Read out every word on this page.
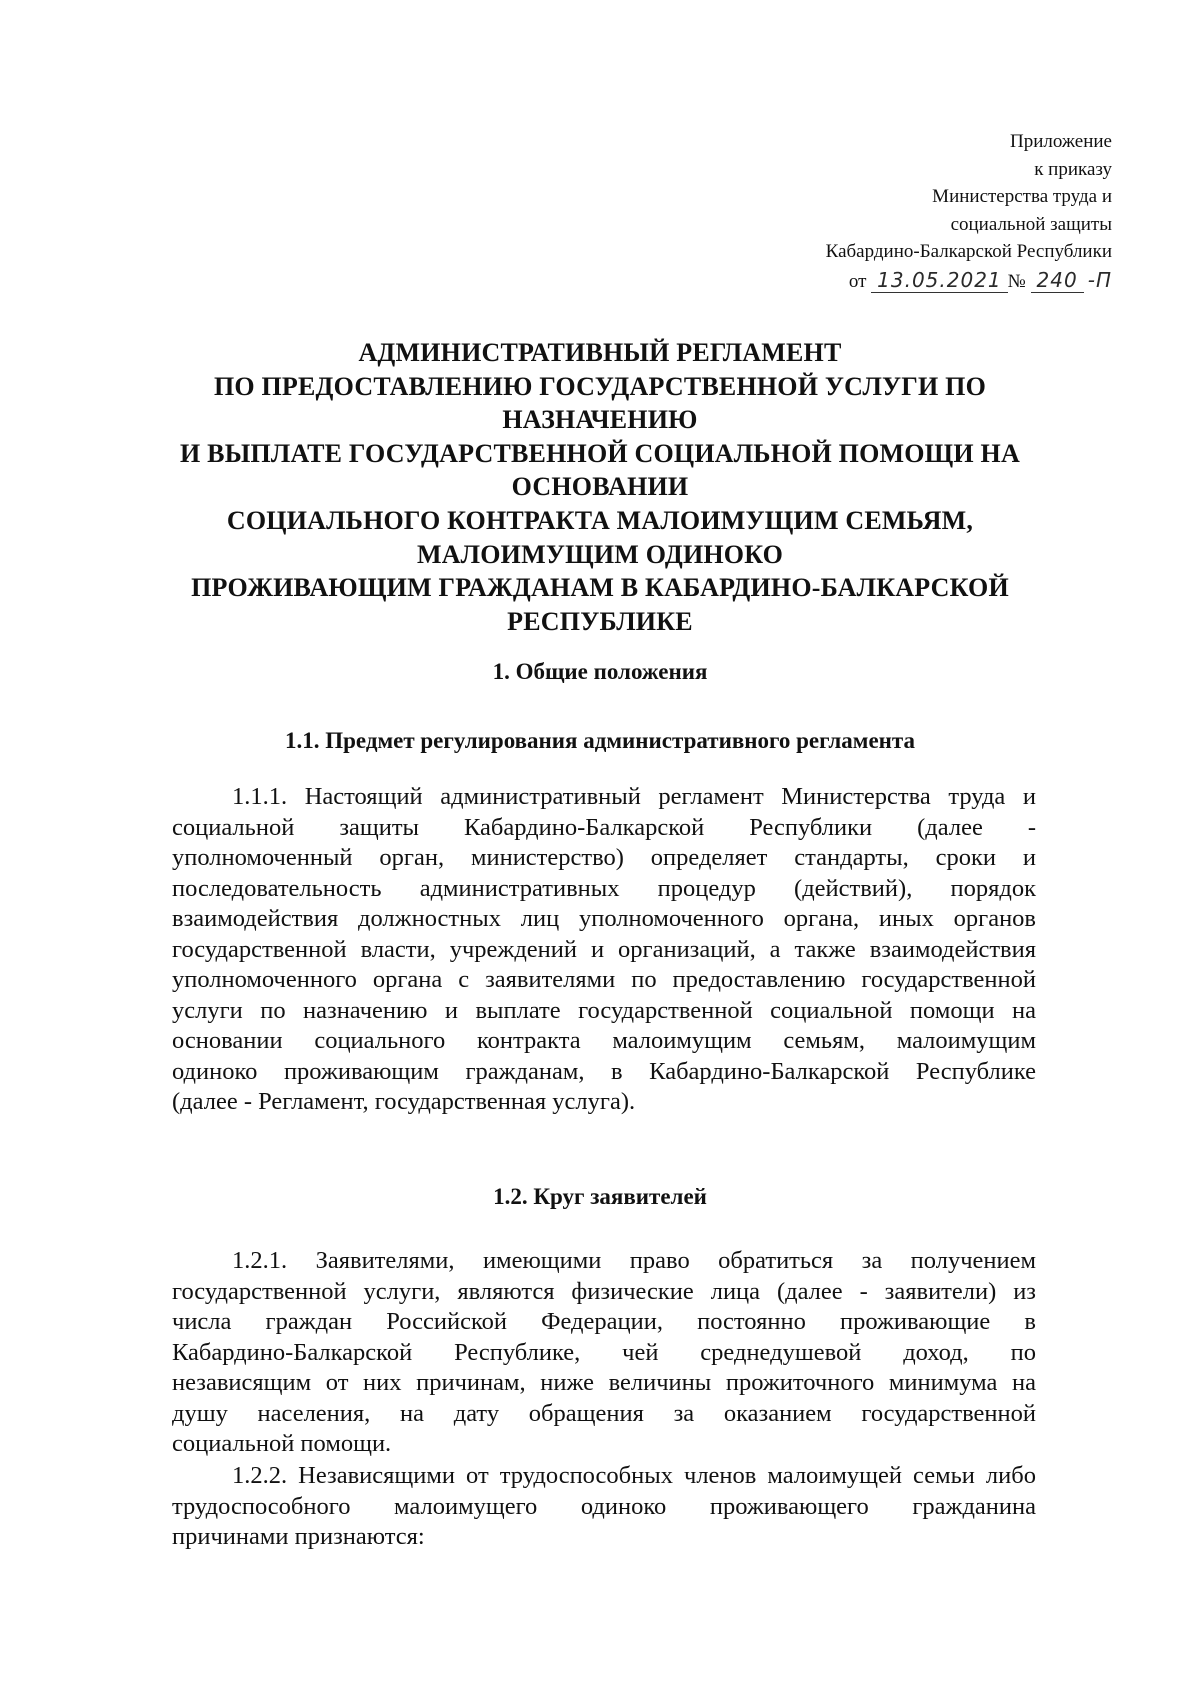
Приложение
к приказу
Министерства труда и
социальной защиты
Кабардино-Балкарской Республики
от 13.05.2021 № 240 -П
АДМИНИСТРАТИВНЫЙ РЕГЛАМЕНТ
ПО ПРЕДОСТАВЛЕНИЮ ГОСУДАРСТВЕННОЙ УСЛУГИ ПО
НАЗНАЧЕНИЮ
И ВЫПЛАТЕ ГОСУДАРСТВЕННОЙ СОЦИАЛЬНОЙ ПОМОЩИ НА
ОСНОВАНИИ
СОЦИАЛЬНОГО КОНТРАКТА МАЛОИМУЩИМ СЕМЬЯМ,
МАЛОИМУЩИМ ОДИНОКО
ПРОЖИВАЮЩИМ ГРАЖДАНАМ В КАБАРДИНО-БАЛКАРСКОЙ
РЕСПУБЛИКЕ
1. Общие положения
1.1. Предмет регулирования административного регламента
1.1.1. Настоящий административный регламент Министерства труда и
социальной защиты Кабардино-Балкарской Республики (далее -
уполномоченный орган, министерство) определяет стандарты, сроки и
последовательность административных процедур (действий), порядок
взаимодействия должностных лиц уполномоченного органа, иных органов
государственной власти, учреждений и организаций, а также взаимодействия
уполномоченного органа с заявителями по предоставлению государственной
услуги по назначению и выплате государственной социальной помощи на
основании социального контракта малоимущим семьям, малоимущим
одиноко проживающим гражданам, в Кабардино-Балкарской Республике
(далее - Регламент, государственная услуга).
1.2. Круг заявителей
1.2.1. Заявителями, имеющими право обратиться за получением
государственной услуги, являются физические лица (далее - заявители) из
числа граждан Российской Федерации, постоянно проживающие в
Кабардино-Балкарской Республике, чей среднедушевой доход, по
независящим от них причинам, ниже величины прожиточного минимума на
душу населения, на дату обращения за оказанием государственной
социальной помощи.
1.2.2. Независящими от трудоспособных членов малоимущей семьи либо
трудоспособного малоимущего одиноко проживающего гражданина
причинами признаются:
